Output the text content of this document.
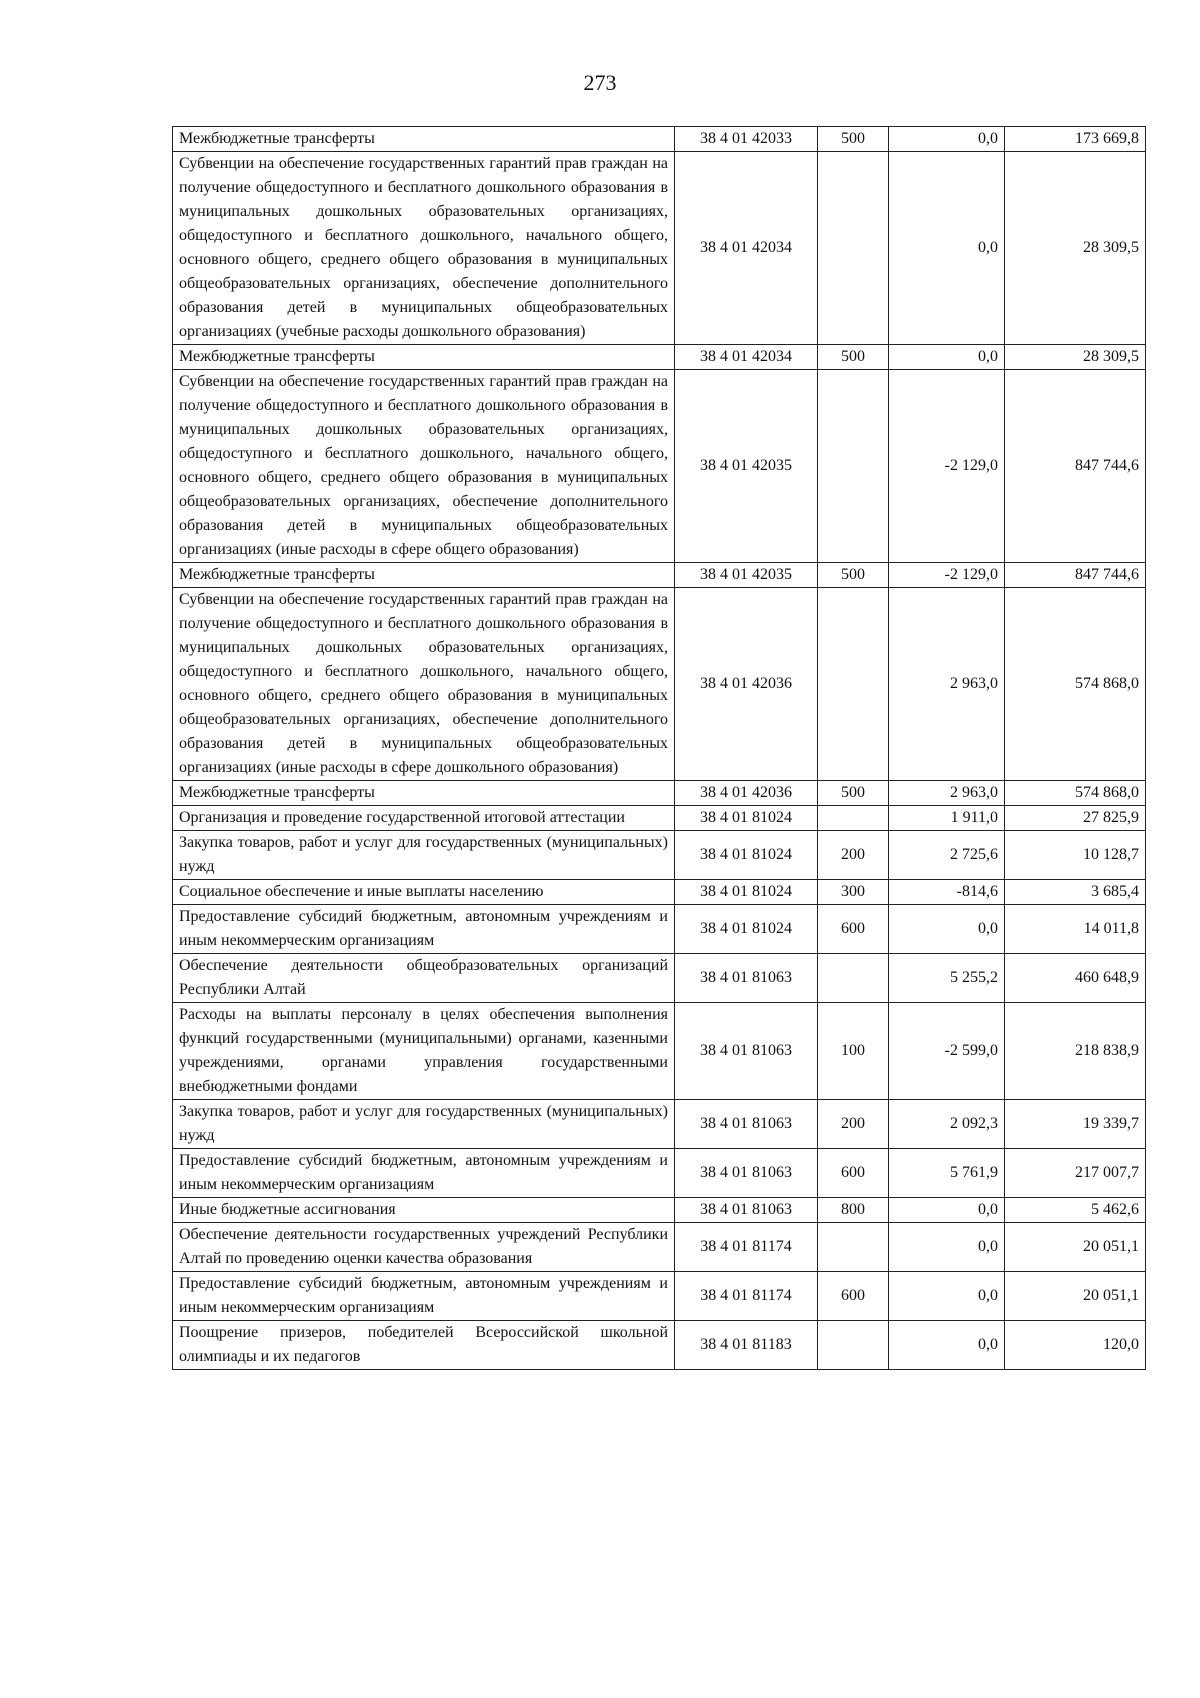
273
Межбюджетные трансферты	38 4 01 42033	500	0,0	173 669,8
Субвенции на обеспечение государственных гарантий прав граждан на получение общедоступного и бесплатного дошкольного образования в муниципальных дошкольных образовательных организациях, общедоступного и бесплатного дошкольного, начального общего, основного общего, среднего общего образования в муниципальных общеобразовательных организациях, обеспечение дополнительного образования детей в муниципальных общеобразовательных организациях (учебные расходы дошкольного образования)	38 4 01 42034		0,0	28 309,5
Межбюджетные трансферты	38 4 01 42034	500	0,0	28 309,5
Субвенции на обеспечение государственных гарантий прав граждан на получение общедоступного и бесплатного дошкольного образования в муниципальных дошкольных образовательных организациях, общедоступного и бесплатного дошкольного, начального общего, основного общего, среднего общего образования в муниципальных общеобразовательных организациях, обеспечение дополнительного образования детей в муниципальных общеобразовательных организациях (иные расходы в сфере общего образования)	38 4 01 42035		-2 129,0	847 744,6
Межбюджетные трансферты	38 4 01 42035	500	-2 129,0	847 744,6
Субвенции на обеспечение государственных гарантий прав граждан на получение общедоступного и бесплатного дошкольного образования в муниципальных дошкольных образовательных организациях, общедоступного и бесплатного дошкольного, начального общего, основного общего, среднего общего образования в муниципальных общеобразовательных организациях, обеспечение дополнительного образования детей в муниципальных общеобразовательных организациях (иные расходы в сфере дошкольного образования)	38 4 01 42036		2 963,0	574 868,0
Межбюджетные трансферты	38 4 01 42036	500	2 963,0	574 868,0
Организация и проведение государственной итоговой аттестации	38 4 01 81024		1 911,0	27 825,9
Закупка товаров, работ и услуг для государственных (муниципальных) нужд	38 4 01 81024	200	2 725,6	10 128,7
Социальное обеспечение и иные выплаты населению	38 4 01 81024	300	-814,6	3 685,4
Предоставление субсидий бюджетным, автономным учреждениям и иным некоммерческим организациям	38 4 01 81024	600	0,0	14 011,8
Обеспечение деятельности общеобразовательных организаций Республики Алтай	38 4 01 81063		5 255,2	460 648,9
Расходы на выплаты персоналу в целях обеспечения выполнения функций государственными (муниципальными) органами, казенными учреждениями, органами управления государственными внебюджетными фондами	38 4 01 81063	100	-2 599,0	218 838,9
Закупка товаров, работ и услуг для государственных (муниципальных) нужд	38 4 01 81063	200	2 092,3	19 339,7
Предоставление субсидий бюджетным, автономным учреждениям и иным некоммерческим организациям	38 4 01 81063	600	5 761,9	217 007,7
Иные бюджетные ассигнования	38 4 01 81063	800	0,0	5 462,6
Обеспечение деятельности государственных учреждений Республики Алтай по проведению оценки качества образования	38 4 01 81174		0,0	20 051,1
Предоставление субсидий бюджетным, автономным учреждениям и иным некоммерческим организациям	38 4 01 81174	600	0,0	20 051,1
Поощрение призеров, победителей Всероссийской школьной олимпиады и их педагогов	38 4 01 81183		0,0	120,0
